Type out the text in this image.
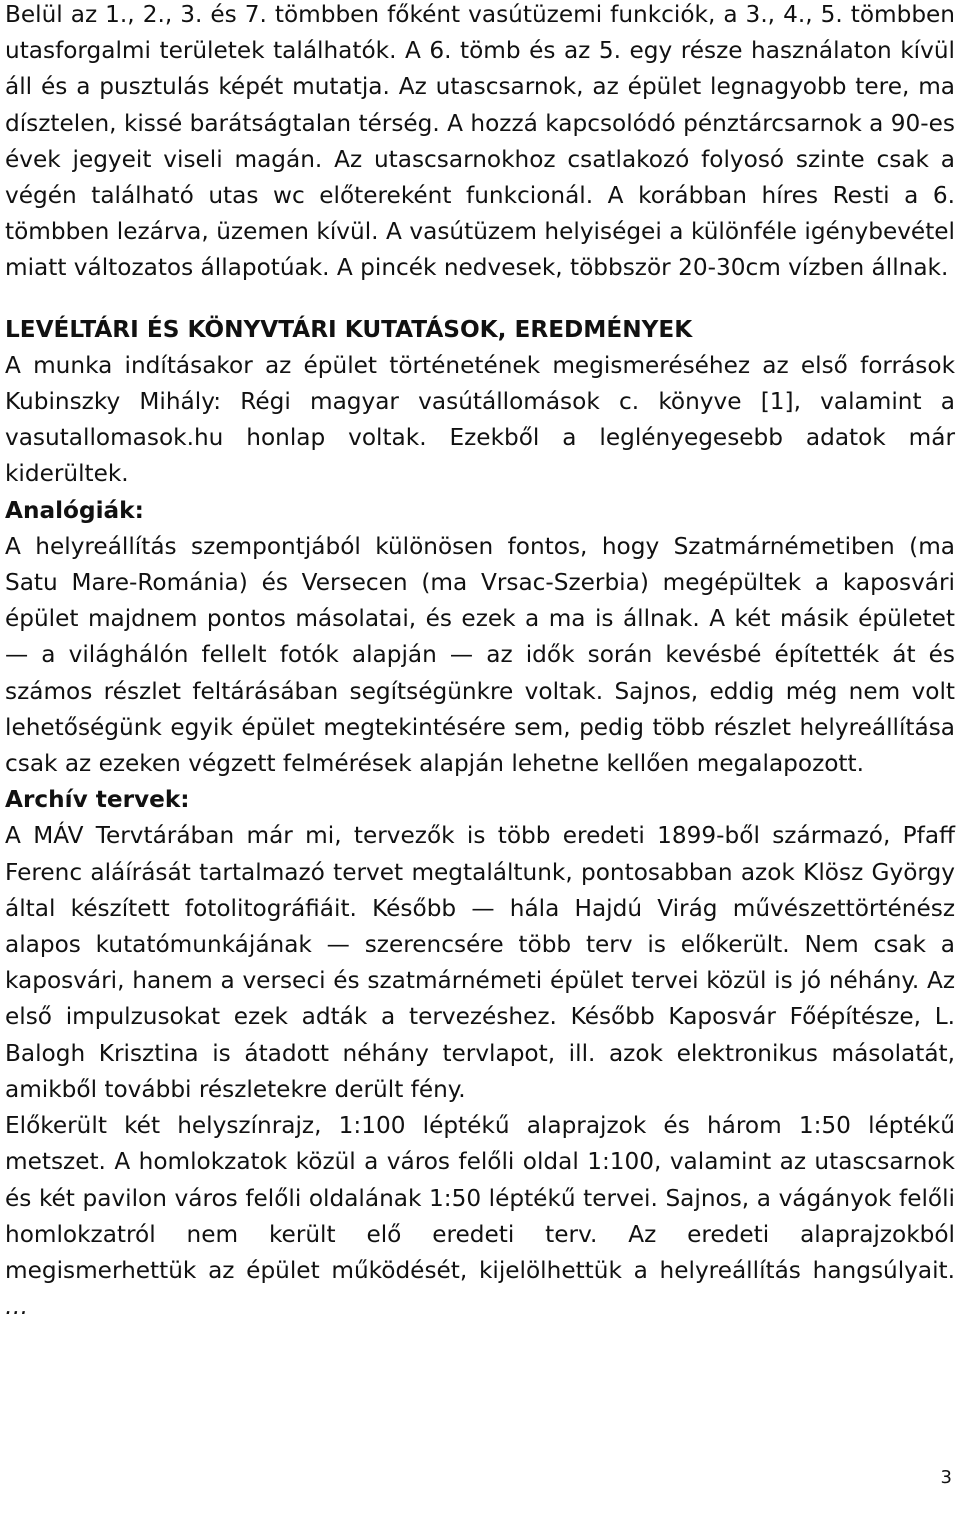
Belül az 1., 2., 3. és 7. tömbben főként vasútüzemi funkciók, a 3., 4., 5. tömbben utasforgalmi területek találhatók. A 6. tömb és az 5. egy része használaton kívül áll és a pusztulás képét mutatja. Az utascsarnok, az épület legnagyobb tere, ma dísztelen, kissé barátságtalan térség. A hozzá kapcsolódó pénztárcsarnok a 90-es évek jegyeit viseli magán. Az utascsarnokhoz csatlakozó folyosó szinte csak a végén található utas wc előtereként funkcionál. A korábban híres Resti a 6. tömbben lezárva, üzemen kívül. A vasútüzem helyiségei a különféle igénybevétel miatt változatos állapotúak. A pincék nedvesek, többször 20-30cm vízben állnak.

LEVÉLTÁRI ÉS KÖNYVTÁRI KUTATÁSOK, EREDMÉNYEK

A munka indításakor az épület történetének megismeréséhez az első források Kubinszky Mihály: Régi magyar vasútállomások c. könyve [1], valamint a vasutallomasok.hu honlap voltak. Ezekből a leglényegesebb adatok már kiderültek.

Analógiák:

A helyreállítás szempontjából különösen fontos, hogy Szatmárnémetiben (ma Satu Mare-Románia) és Versecen (ma Vrsac-Szerbia) megépültek a kaposvári épület majdnem pontos másolatai, és ezek a ma is állnak. A két másik épületet — a világhálón fellelt fotók alapján — az idők során kevésbé építették át és számos részlet feltárásában segítségünkre voltak. Sajnos, eddig még nem volt lehetőségünk egyik épület megtekintésére sem, pedig több részlet helyreállítása csak az ezeken végzett felmérések alapján lehetne kellően megalapozott.

Archív tervek:

A MÁV Tervtárában már mi, tervezők is több eredeti 1899-ből származó, Pfaff Ferenc aláírását tartalmazó tervet megtaláltunk, pontosabban azok Klösz György által készített fotolitográfiáit. Később — hála Hajdú Virág művészettörténész alapos kutatómunkájának — szerencsére több terv is előkerült. Nem csak a kaposvári, hanem a verseci és szatmárnémeti épület tervei közül is jó néhány. Az első impulzusokat ezek adták a tervezéshez. Később Kaposvár Főépítésze, L. Balogh Krisztina is átadott néhány tervlapot, ill. azok elektronikus másolatát, amikből további részletekre derült fény.

Előkerült két helyszínrajz, 1:100 léptékű alaprajzok és három 1:50 léptékű metszet. A homlokzatok közül a város felőli oldal 1:100, valamint az utascsarnok és két pavilon város felőli oldalának 1:50 léptékű tervei. Sajnos, a vágányok felőli homlokzatról nem került elő eredeti terv. Az eredeti alaprajzokból megismerhettük az épület működését, kijelölhettük a helyreállítás hangsúlyait. …

3
